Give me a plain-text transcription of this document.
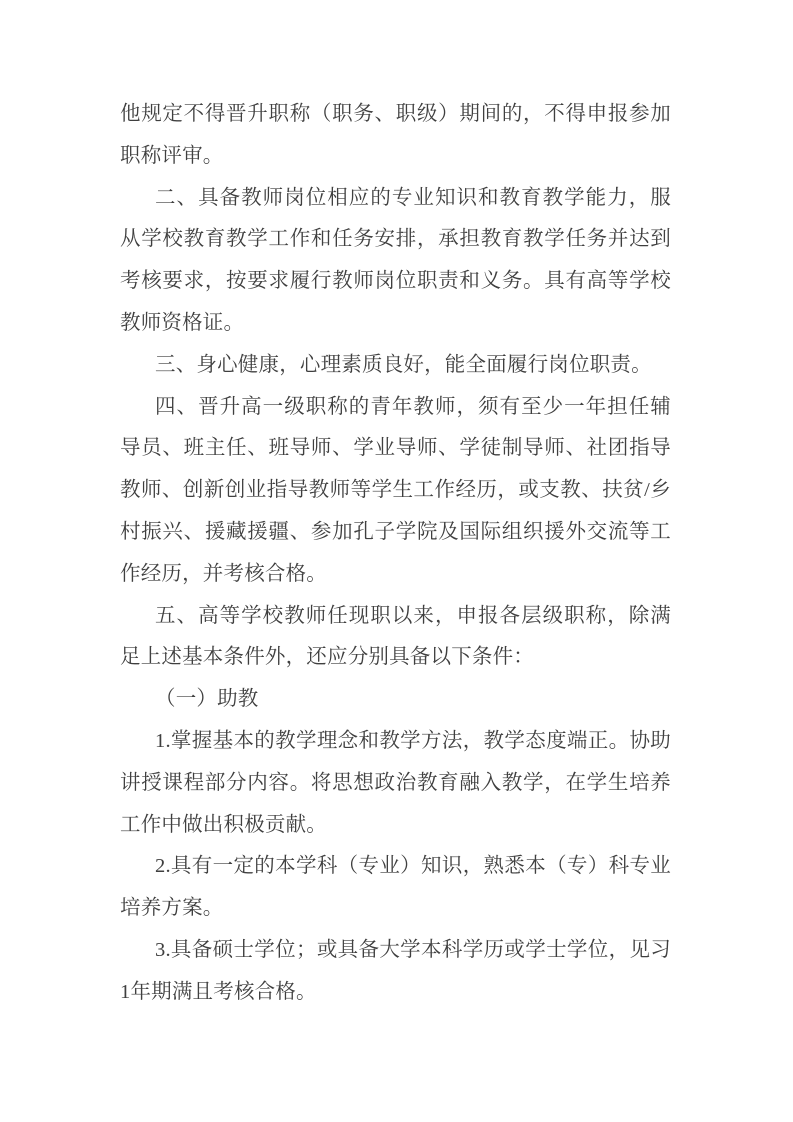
他规定不得晋升职称（职务、职级）期间的，不得申报参加职称评审。

二、具备教师岗位相应的专业知识和教育教学能力，服从学校教育教学工作和任务安排，承担教育教学任务并达到考核要求，按要求履行教师岗位职责和义务。具有高等学校教师资格证。

三、身心健康，心理素质良好，能全面履行岗位职责。

四、晋升高一级职称的青年教师，须有至少一年担任辅导员、班主任、班导师、学业导师、学徒制导师、社团指导教师、创新创业指导教师等学生工作经历，或支教、扶贫/乡村振兴、援藏援疆、参加孔子学院及国际组织援外交流等工作经历，并考核合格。

五、高等学校教师任现职以来，申报各层级职称，除满足上述基本条件外，还应分别具备以下条件：

（一）助教

1.掌握基本的教学理念和教学方法，教学态度端正。协助讲授课程部分内容。将思想政治教育融入教学，在学生培养工作中做出积极贡献。

2.具有一定的本学科（专业）知识，熟悉本（专）科专业培养方案。

3.具备硕士学位；或具备大学本科学历或学士学位，见习1年期满且考核合格。
